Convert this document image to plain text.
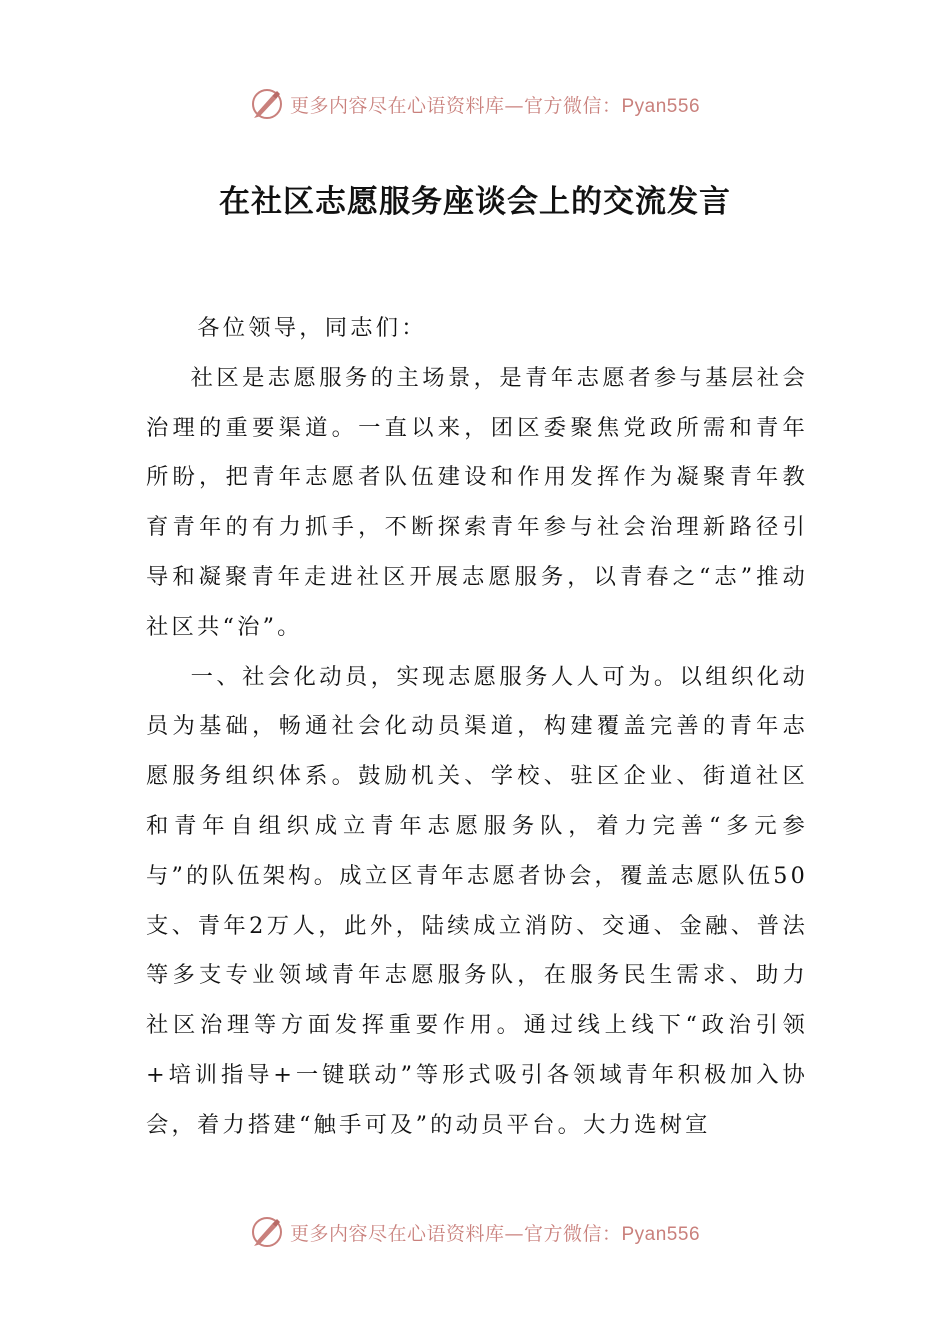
更多内容尽在心语资料库—官方微信：Pyan556
在社区志愿服务座谈会上的交流发言

各位领导，同志们：

社区是志愿服务的主场景，是青年志愿者参与基层社会治理的重要渠道。一直以来，团区委聚焦党政所需和青年所盼，把青年志愿者队伍建设和作用发挥作为凝聚青年教育青年的有力抓手，不断探索青年参与社会治理新路径引导和凝聚青年走进社区开展志愿服务，以青春之“志”推动社区共“治”。

一、社会化动员，实现志愿服务人人可为。以组织化动员为基础，畅通社会化动员渠道，构建覆盖完善的青年志愿服务组织体系。鼓励机关、学校、驻区企业、街道社区和青年自组织成立青年志愿服务队，着力完善“多元参与”的队伍架构。成立区青年志愿者协会，覆盖志愿队伍50支、青年2万人，此外，陆续成立消防、交通、金融、普法等多支专业领域青年志愿服务队，在服务民生需求、助力社区治理等方面发挥重要作用。通过线上线下“政治引领+培训指导+一键联动”等形式吸引各领域青年积极加入协会，着力搭建“触手可及”的动员平台。大力选树宣

更多内容尽在心语资料库—官方微信：Pyan556
